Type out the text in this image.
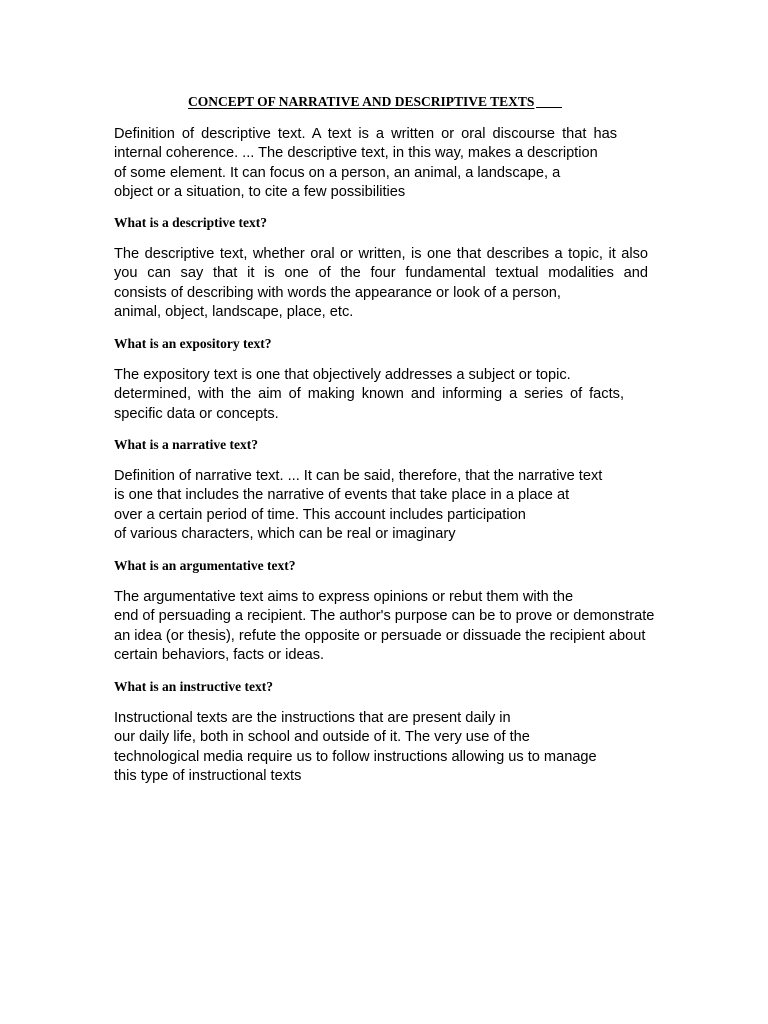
CONCEPT OF NARRATIVE AND DESCRIPTIVE TEXTS
Definition of descriptive text. A text is a written or oral discourse that has
internal coherence. ... The descriptive text, in this way, makes a description
of some element. It can focus on a person, an animal, a landscape, a
object or a situation, to cite a few possibilities
What is a descriptive text?
The descriptive text, whether oral or written, is one that describes a topic, it also
you can say that it is one of the four fundamental textual modalities and
consists of describing with words the appearance or look of a person,
animal, object, landscape, place, etc.
What is an expository text?
The expository text is one that objectively addresses a subject or topic.
determined, with the aim of making known and informing a series of facts,
specific data or concepts.
What is a narrative text?
Definition of narrative text. ... It can be said, therefore, that the narrative text
is one that includes the narrative of events that take place in a place at
over a certain period of time. This account includes participation
of various characters, which can be real or imaginary
What is an argumentative text?
The argumentative text aims to express opinions or rebut them with the
end of persuading a recipient. The author's purpose can be to prove or demonstrate
an idea (or thesis), refute the opposite or persuade or dissuade the recipient about
certain behaviors, facts or ideas.
What is an instructive text?
Instructional texts are the instructions that are present daily in
our daily life, both in school and outside of it. The very use of the
technological media require us to follow instructions allowing us to manage
this type of instructional texts
